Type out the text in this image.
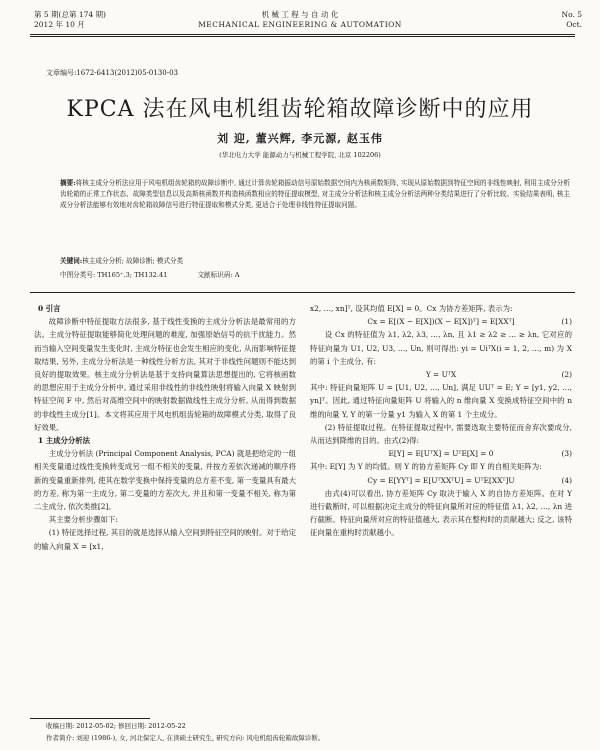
第 5 期(总第 174 期)
2012 年 10 月
机 械 工 程 与 自 动 化
MECHANICAL ENGINEERING & AUTOMATION
No. 5
Oct.
文章编号:1672-6413(2012)05-0130-03
KPCA 法在风电机组齿轮箱故障诊断中的应用
刘 迎, 董兴辉, 李元源, 赵玉伟
(华北电力大学 能源动力与机械工程学院, 北京 102206)
摘要:将核主成分分析法应用于风电机组齿轮箱的故障诊断中, 通过计算齿轮箱振动信号原始数据空间内为核函数矩阵, 实现从原始数据到特征空间的非线性映射, 利用主成分分析齿轮箱的正常工作状态、故障类型信息以及高斯核函数并构造核函数相应的特征提取模型, 对主成分分析法和核主成分分析法两种分类结果进行了分析比较。实验结果表明, 核主成分分析法能够有效地对齿轮箱故障信号进行特征提取和模式分类, 更适合于处理非线性特征提取问题。
关键词:核主成分分析; 故障诊断; 模式分类
中图分类号: TH165⁺.3; TH132.41	文献标识码: A

0 引言

故障诊断中特征提取方法很多, 基于线性变换的主成分分析法是最常用的方法。主成分特征提取能够简化处理问题的难度, 加强原始信号的抗干扰能力。然而当输入空间变量发生变化时, 主成分特征也会发生相应的变化, 从而影响特征提取结果, 另外, 主成分分析法是一种线性分析方法, 其对于非线性问题则不能达到良好的提取效果。核主成分分析法是基于支持向量算法思想提出的, 它将核函数的思想应用于主成分分析中, 通过采用非线性的非线性映射将输入向量 X 映射到特征空间 F 中, 然后对高维空间中的映射数据做线性主成分分析, 从而得到数据的非线性主成分[1]。本文将其应用于风电机组齿轮箱的故障模式分类, 取得了良好效果。

1 主成分分析法

主成分分析法 (Principal Component Analysis, PCA) 就是把给定的一组相关变量通过线性变换转变成另一组不相关的变量, 并按方差依次递减的顺序将新的变量重新排列, 使其在数学变换中保持变量的总方差不变, 第一变量具有最大的方差, 称为第一主成分, 第二变量的方差次大, 并且和第一变量不相关, 称为第二主成分, 依次类推[2]。

其主要分析步骤如下:

(1) 特征选择过程, 其目的就是选择从输入空间到特征空间的映射。对于给定的输入向量 X = [x1,

x2, …, xn]ᵀ, 设其均值 E[X] = 0。Cx 为协方差矩阵, 表示为:

Cx = E[(X − E[X])(X − E[X])ᵀ] = E[XXᵀ]	(1)

设 Cx 的特征值为 λ1, λ2, λ3, …, λn, 且 λ1 ≥ λ2 ≥ … ≥ λn, 它对应的特征向量为 U1, U2, U3, …, Un, 则可得出: yi = UiᵀX(i = 1, 2, …, m) 为 X 的第 i 个主成分, 有:

Y = UᵀX	(2)

其中: 特征向量矩阵 U = [U1, U2, …, Un], 满足 UUᵀ = E; Y = [y1, y2, …, yn]ᵀ。因此, 通过特征向量矩阵 U 将输入的 n 维向量 X 变换成特征空间中的 n 维的向量 Y, Y 的第一分量 y1 为输入 X 的第 1 个主成分。

(2) 特征提取过程。在特征提取过程中, 需要选取主要特征而舍弃次要成分, 从而达到降维的目的。由式(2)得:

E[Y] = E[UᵀX] = UᵀE[X] = 0	(3)

其中: E[Y] 为 Y 的均值。则 Y 的协方差矩阵 Cy 即 Y 的自相关矩阵为:

Cy = E[YYᵀ] = E[UᵀXXᵀU] = UᵀE[XXᵀ]U	(4)

由式(4)可以看出, 协方差矩阵 Cy 取决于输入 X 的自协方差矩阵。在对 Y 进行截断时, 可以根据决定主成分的特征向量所对应的特征值 λ1, λ2, …, λn 进行截断。特征向量所对应的特征值越大, 表示其在整构时的贡献越大; 反之, 该特征向量在重构时贡献越小。

收稿日期: 2012-05-02; 修回日期: 2012-05-22
作者简介: 刘迎 (1986-), 女, 河北保定人, 在读硕士研究生, 研究方向: 风电机组齿轮箱故障诊断。
